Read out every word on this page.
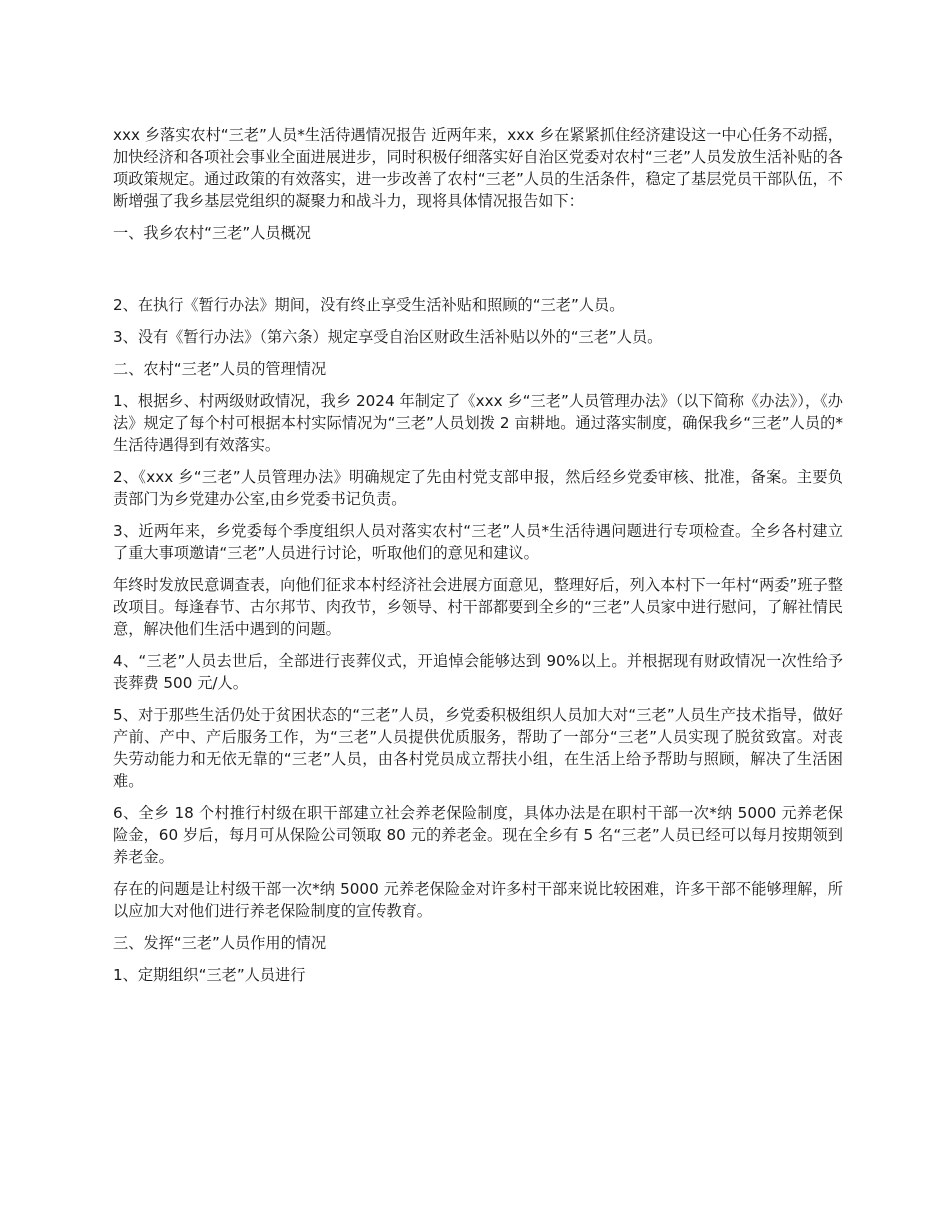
xxx 乡落实农村“三老”人员*生活待遇情况报告 近两年来，xxx 乡在紧紧抓住经济建设这一中心任务不动摇，加快经济和各项社会事业全面进展进步，同时积极仔细落实好自治区党委对农村“三老”人员发放生活补贴的各项政策规定。通过政策的有效落实，进一步改善了农村“三老”人员的生活条件，稳定了基层党员干部队伍，不断增强了我乡基层党组织的凝聚力和战斗力，现将具体情况报告如下：

一、我乡农村“三老”人员概况

2、在执行《暂行办法》期间，没有终止享受生活补贴和照顾的“三老”人员。

3、没有《暂行办法》（第六条）规定享受自治区财政生活补贴以外的“三老”人员。

二、农村“三老”人员的管理情况

1、根据乡、村两级财政情况，我乡 2024 年制定了《xxx 乡“三老”人员管理办法》（以下简称《办法》），《办法》规定了每个村可根据本村实际情况为“三老”人员划拨 2 亩耕地。通过落实制度，确保我乡“三老”人员的*生活待遇得到有效落实。

2、《xxx 乡“三老”人员管理办法》明确规定了先由村党支部申报，然后经乡党委审核、批准，备案。主要负责部门为乡党建办公室,由乡党委书记负责。

3、近两年来，乡党委每个季度组织人员对落实农村“三老”人员*生活待遇问题进行专项检查。全乡各村建立了重大事项邀请“三老”人员进行讨论，听取他们的意见和建议。

年终时发放民意调查表，向他们征求本村经济社会进展方面意见，整理好后，列入本村下一年村“两委”班子整改项目。每逢春节、古尔邦节、肉孜节，乡领导、村干部都要到全乡的“三老”人员家中进行慰问，了解社情民意，解决他们生活中遇到的问题。

4、“三老”人员去世后，全部进行丧葬仪式，开追悼会能够达到 90%以上。并根据现有财政情况一次性给予丧葬费 500 元/人。

5、对于那些生活仍处于贫困状态的“三老”人员，乡党委积极组织人员加大对“三老”人员生产技术指导，做好产前、产中、产后服务工作，为“三老”人员提供优质服务，帮助了一部分“三老”人员实现了脱贫致富。对丧失劳动能力和无依无靠的“三老”人员，由各村党员成立帮扶小组，在生活上给予帮助与照顾，解决了生活困难。

6、全乡 18 个村推行村级在职干部建立社会养老保险制度，具体办法是在职村干部一次*纳 5000 元养老保险金，60 岁后，每月可从保险公司领取 80 元的养老金。现在全乡有 5 名“三老”人员已经可以每月按期领到养老金。

存在的问题是让村级干部一次*纳 5000 元养老保险金对许多村干部来说比较困难，许多干部不能够理解，所以应加大对他们进行养老保险制度的宣传教育。

三、发挥“三老”人员作用的情况

1、定期组织“三老”人员进行
